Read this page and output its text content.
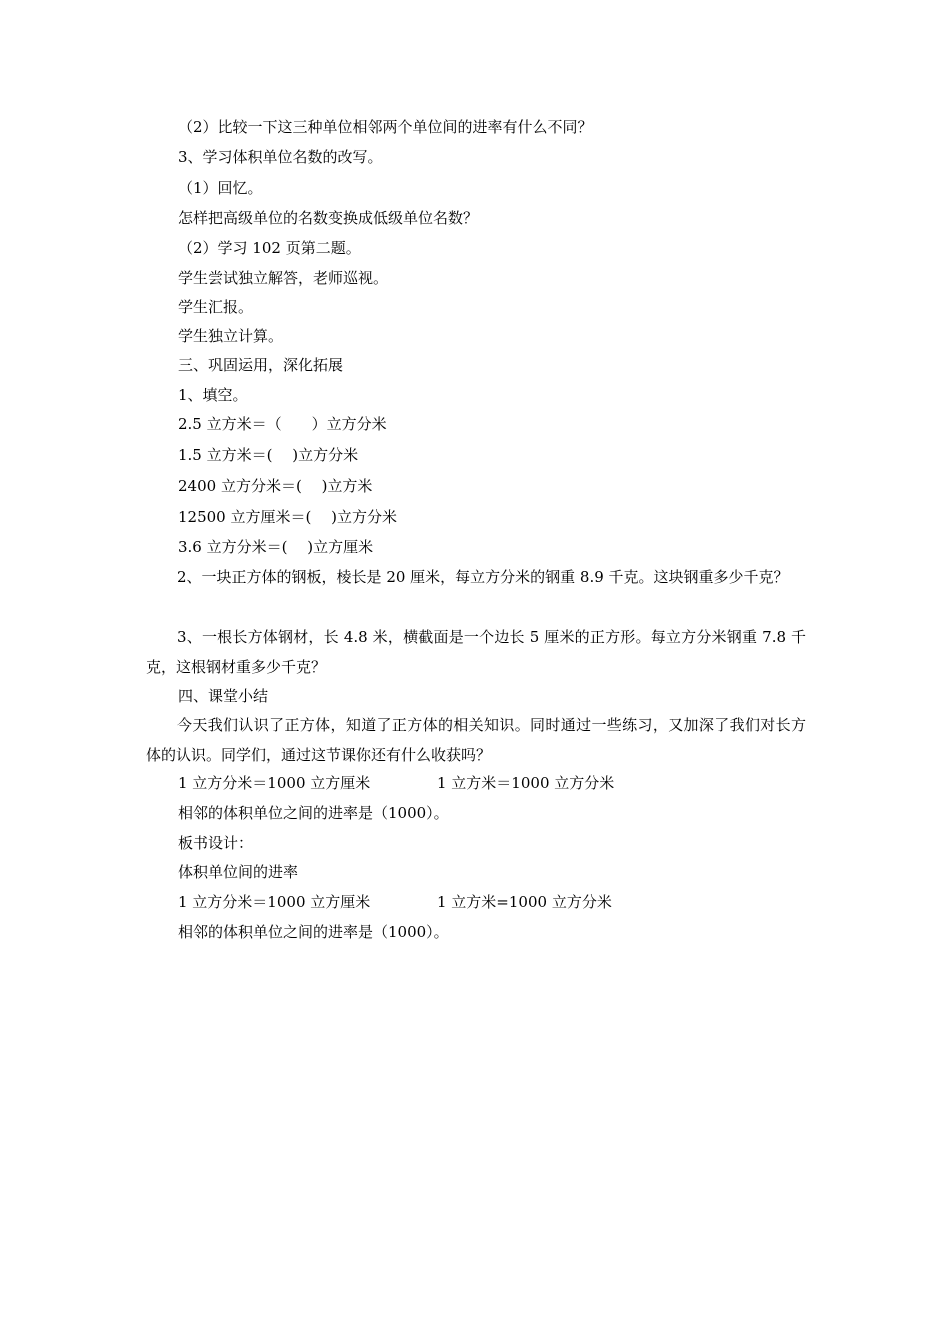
（2）比较一下这三种单位相邻两个单位间的进率有什么不同？

3、学习体积单位名数的改写。

（1）回忆。

怎样把高级单位的名数变换成低级单位名数？

（2）学习 102 页第二题。

学生尝试独立解答，老师巡视。

学生汇报。

学生独立计算。

三、巩固运用，深化拓展

1、填空。

2.5 立方米＝（　　）立方分米

1.5 立方米＝(　 )立方分米

2400 立方分米＝(　 )立方米

12500 立方厘米＝(　 )立方分米

3.6 立方分米＝(　 )立方厘米

2、一块正方体的钢板，棱长是 20 厘米，每立方分米的钢重 8.9 千克。这块钢重多少千克？

3、一根长方体钢材，长 4.8 米，横截面是一个边长 5 厘米的正方形。每立方分米钢重 7.8 千克，这根钢材重多少千克？

四、课堂小结

今天我们认识了正方体，知道了正方体的相关知识。同时通过一些练习，又加深了我们对长方体的认识。同学们，通过这节课你还有什么收获吗？

1 立方分米＝1000 立方厘米	1 立方米＝1000 立方分米

相邻的体积单位之间的进率是（1000）。

板书设计：

体积单位间的进率

1 立方分米＝1000 立方厘米	1 立方米=1000 立方分米

相邻的体积单位之间的进率是（1000）。
